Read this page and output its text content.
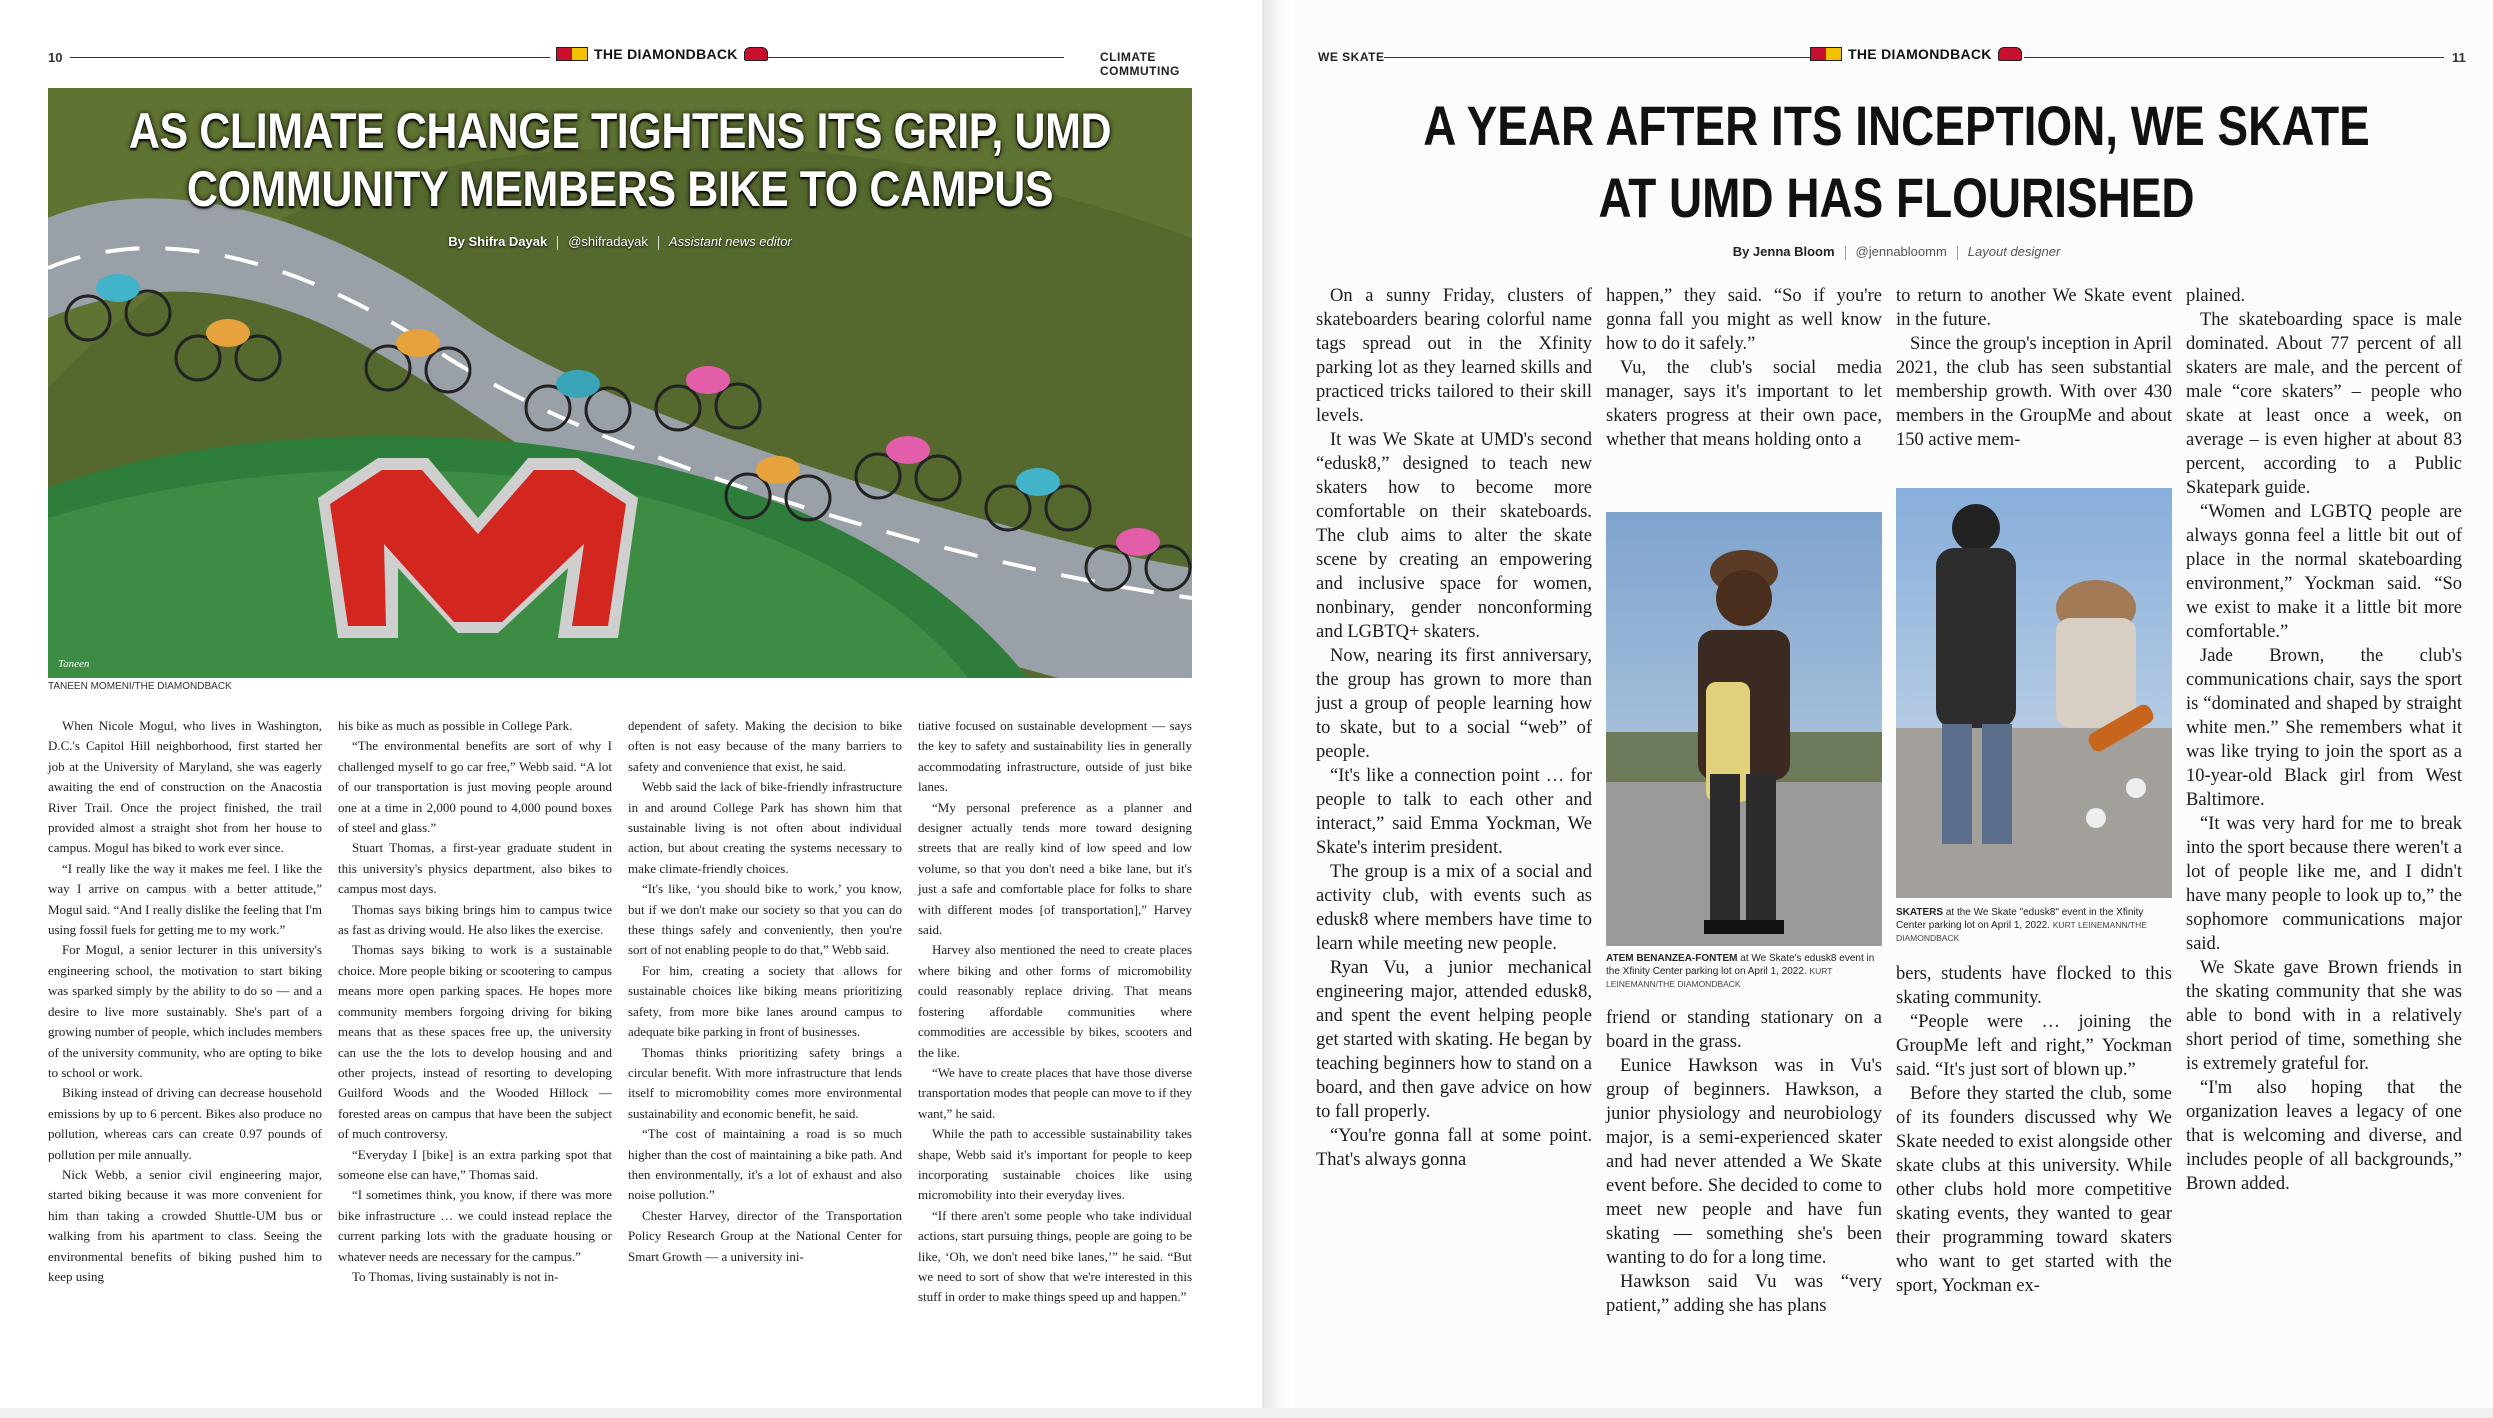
10	THE DIAMONDBACK	CLIMATE COMMUTING
WE SKATE	THE DIAMONDBACK	11
AS CLIMATE CHANGE TIGHTENS ITS GRIP, UMD COMMUNITY MEMBERS BIKE TO CAMPUS
By Shifra Dayak @shifradayak Assistant news editor
Taneen
TANEEN MOMENI/THE DIAMONDBACK

When Nicole Mogul, who lives in Washington, D.C.'s Capitol Hill neighborhood, first started her job at the University of Maryland, she was eagerly awaiting the end of construction on the Anacostia River Trail. Once the project finished, the trail provided almost a straight shot from her house to campus. Mogul has biked to work ever since.

“I really like the way it makes me feel. I like the way I arrive on campus with a better attitude,” Mogul said. “And I really dislike the feeling that I'm using fossil fuels for getting me to my work.”

For Mogul, a senior lecturer in this university's engineering school, the motivation to start biking was sparked simply by the ability to do so — and a desire to live more sustainably. She's part of a growing number of people, which includes members of the university community, who are opting to bike to school or work.

Biking instead of driving can decrease household emissions by up to 6 percent. Bikes also produce no pollution, whereas cars can create 0.97 pounds of pollution per mile annually.

Nick Webb, a senior civil engineering major, started biking because it was more convenient for him than taking a crowded Shuttle-UM bus or walking from his apartment to class. Seeing the environmental benefits of biking pushed him to keep using

his bike as much as possible in College Park.

“The environmental benefits are sort of why I challenged myself to go car free,” Webb said. “A lot of our transportation is just moving people around one at a time in 2,000 pound to 4,000 pound boxes of steel and glass.”

Stuart Thomas, a first-year graduate student in this university's physics department, also bikes to campus most days.

Thomas says biking brings him to campus twice as fast as driving would. He also likes the exercise.

Thomas says biking to work is a sustainable choice. More people biking or scootering to campus means more open parking spaces. He hopes more community members forgoing driving for biking means that as these spaces free up, the university can use the the lots to develop housing and and other projects, instead of resorting to developing Guilford Woods and the Wooded Hillock — forested areas on campus that have been the subject of much controversy.

“Everyday I [bike] is an extra parking spot that someone else can have,” Thomas said.

“I sometimes think, you know, if there was more bike infrastructure … we could instead replace the current parking lots with the graduate housing or whatever needs are necessary for the campus.”

To Thomas, living sustainably is not in-

dependent of safety. Making the decision to bike often is not easy because of the many barriers to safety and convenience that exist, he said.

Webb said the lack of bike-friendly infrastructure in and around College Park has shown him that sustainable living is not often about individual action, but about creating the systems necessary to make climate-friendly choices.

“It's like, ‘you should bike to work,’ you know, but if we don't make our society so that you can do these things safely and conveniently, then you're sort of not enabling people to do that,” Webb said.

For him, creating a society that allows for sustainable choices like biking means prioritizing safety, from more bike lanes around campus to adequate bike parking in front of businesses.

Thomas thinks prioritizing safety brings a circular benefit. With more infrastructure that lends itself to micromobility comes more environmental sustainability and economic benefit, he said.

“The cost of maintaining a road is so much higher than the cost of maintaining a bike path. And then environmentally, it's a lot of exhaust and also noise pollution.”

Chester Harvey, director of the Transportation Policy Research Group at the National Center for Smart Growth — a university ini-

tiative focused on sustainable development — says the key to safety and sustainability lies in generally accommodating infrastructure, outside of just bike lanes.

“My personal preference as a planner and designer actually tends more toward designing streets that are really kind of low speed and low volume, so that you don't need a bike lane, but it's just a safe and comfortable place for folks to share with different modes [of transportation],” Harvey said.

Harvey also mentioned the need to create places where biking and other forms of micromobility could reasonably replace driving. That means fostering affordable communities where commodities are accessible by bikes, scooters and the like.

“We have to create places that have those diverse transportation modes that people can move to if they want,” he said.

While the path to accessible sustainability takes shape, Webb said it's important for people to keep incorporating sustainable choices like using micromobility into their everyday lives.

“If there aren't some people who take individual actions, start pursuing things, people are going to be like, ‘Oh, we don't need bike lanes,’” he said. “But we need to sort of show that we're interested in this stuff in order to make things speed up and happen.”

A YEAR AFTER ITS INCEPTION, WE SKATE AT UMD HAS FLOURISHED
By Jenna Bloom @jennabloomm Layout designer

On a sunny Friday, clusters of skateboarders bearing colorful name tags spread out in the Xfinity parking lot as they learned skills and practiced tricks tailored to their skill levels.

It was We Skate at UMD's second “edusk8,” designed to teach new skaters how to become more comfortable on their skateboards. The club aims to alter the skate scene by creating an empowering and inclusive space for women, nonbinary, gender nonconforming and LGBTQ+ skaters.

Now, nearing its first anniversary, the group has grown to more than just a group of people learning how to skate, but to a social “web” of people.

“It's like a connection point … for people to talk to each other and interact,” said Emma Yockman, We Skate's interim president.

The group is a mix of a social and activity club, with events such as edusk8 where members have time to learn while meeting new people.

Ryan Vu, a junior mechanical engineering major, attended edusk8, and spent the event helping people get started with skating. He began by teaching beginners how to stand on a board, and then gave advice on how to fall properly.

“You're gonna fall at some point. That's always gonna

happen,” they said. “So if you're gonna fall you might as well know how to do it safely.”

Vu, the club's social media manager, says it's important to let skaters progress at their own pace, whether that means holding onto a

ATEM BENANZEA-FONTEM at We Skate's edusk8 event in the Xfinity Center parking lot on April 1, 2022. KURT LEINEMANN/THE DIAMONDBACK

friend or standing stationary on a board in the grass.

Eunice Hawkson was in Vu's group of beginners. Hawkson, a junior physiology and neurobiology major, is a semi-experienced skater and had never attended a We Skate event before. She decided to come to meet new people and have fun skating — something she's been wanting to do for a long time.

Hawkson said Vu was “very patient,” adding she has plans

to return to another We Skate event in the future.

Since the group's inception in April 2021, the club has seen substantial membership growth. With over 430 members in the GroupMe and about 150 active mem-

SKATERS at the We Skate "edusk8" event in the Xfinity Center parking lot on April 1, 2022. KURT LEINEMANN/THE DIAMONDBACK

bers, students have flocked to this skating community.

“People were … joining the GroupMe left and right,” Yockman said. “It's just sort of blown up.”

Before they started the club, some of its founders discussed why We Skate needed to exist alongside other skate clubs at this university. While other clubs hold more competitive skating events, they wanted to gear their programming toward skaters who want to get started with the sport, Yockman ex-

plained.

The skateboarding space is male dominated. About 77 percent of all skaters are male, and the percent of male “core skaters” – people who skate at least once a week, on average – is even higher at about 83 percent, according to a Public Skatepark guide.

“Women and LGBTQ people are always gonna feel a little bit out of place in the normal skateboarding environment,” Yockman said. “So we exist to make it a little bit more comfortable.”

Jade Brown, the club's communications chair, says the sport is “dominated and shaped by straight white men.” She remembers what it was like trying to join the sport as a 10-year-old Black girl from West Baltimore.

“It was very hard for me to break into the sport because there weren't a lot of people like me, and I didn't have many people to look up to,” the sophomore communications major said.

We Skate gave Brown friends in the skating community that she was able to bond with in a relatively short period of time, something she is extremely grateful for.

“I'm also hoping that the organization leaves a legacy of one that is welcoming and diverse, and includes people of all backgrounds,” Brown added.
